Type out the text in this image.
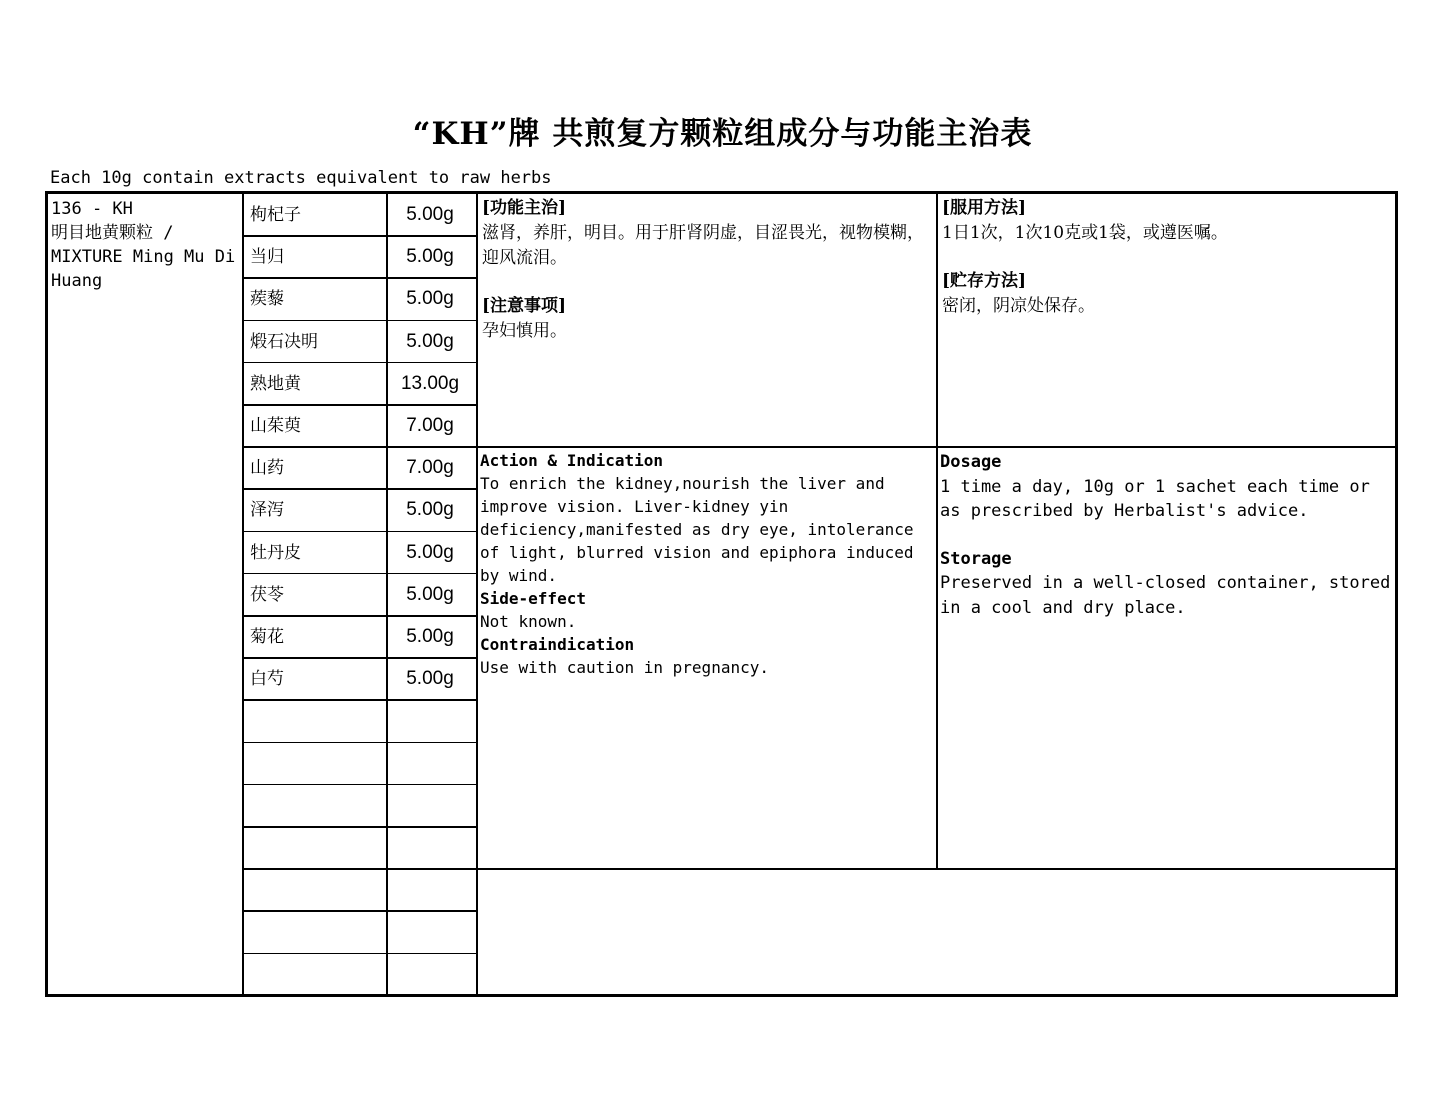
“KH”牌 共煎复方颗粒组成分与功能主治表
Each 10g contain extracts equivalent to raw herbs
136 - KH
明目地黄颗粒 / MIXTURE Ming Mu Di Huang
枸杞子	5.00g
当归	5.00g
蒺藜	5.00g
煅石决明	5.00g
熟地黄	13.00g
山茱萸	7.00g
山药	7.00g
泽泻	5.00g
牡丹皮	5.00g
茯苓	5.00g
菊花	5.00g
白芍	5.00g
[功能主治]
滋肾，养肝，明目。用于肝肾阴虚，目涩畏光，视物模糊，迎风流泪。
[注意事项]
孕妇慎用。
[服用方法]
1日1次，1次10克或1袋，或遵医嘱。
[贮存方法]
密闭，阴凉处保存。
Action & Indication
To enrich the kidney,nourish the liver and improve vision. Liver-kidney yin deficiency,manifested as dry eye, intolerance of light, blurred vision and epiphora induced by wind.
Side-effect
Not known.
Contraindication
Use with caution in pregnancy.
Dosage
1 time a day, 10g or 1 sachet each time or as prescribed by Herbalist's advice.
Storage
Preserved in a well-closed container, stored in a cool and dry place.
